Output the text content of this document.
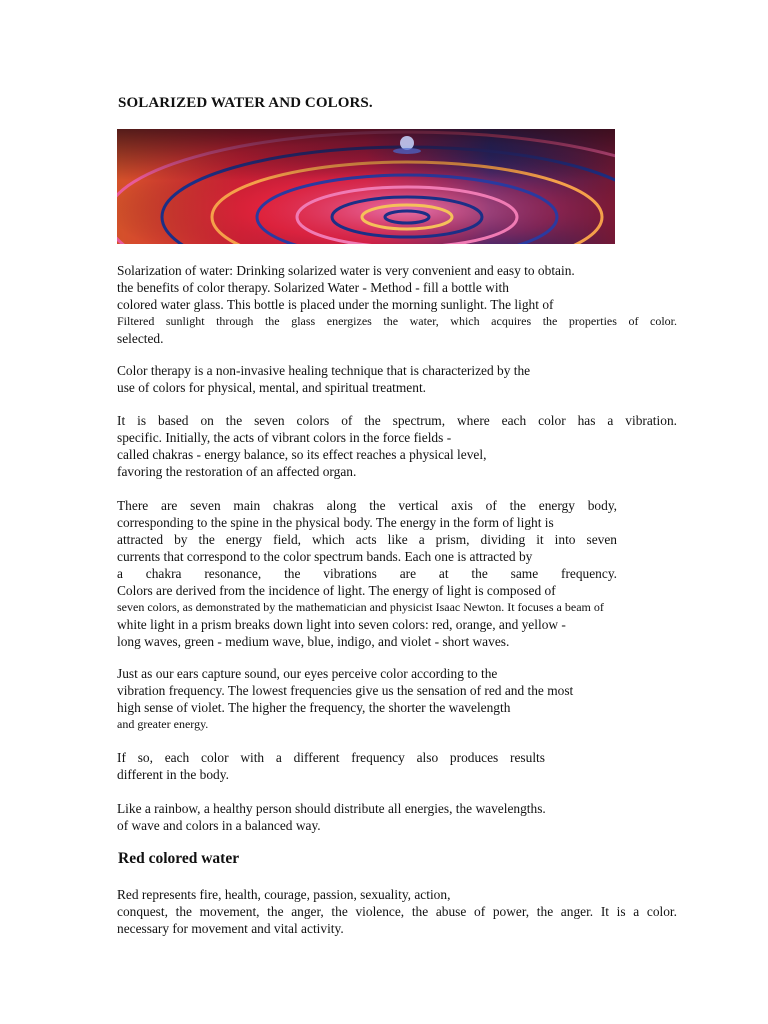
SOLARIZED WATER AND COLORS.
Solarization of water: Drinking solarized water is very convenient and easy to obtain.
the benefits of color therapy. Solarized Water - Method - fill a bottle with
colored water glass. This bottle is placed under the morning sunlight. The light of
Filtered sunlight through the glass energizes the water, which acquires the properties of color.
selected.
Color therapy is a non-invasive healing technique that is characterized by the
use of colors for physical, mental, and spiritual treatment.
It is based on the seven colors of the spectrum, where each color has a vibration.
specific. Initially, the acts of vibrant colors in the force fields -
called chakras - energy balance, so its effect reaches a physical level,
favoring the restoration of an affected organ.
There are seven main chakras along the vertical axis of the energy body,
corresponding to the spine in the physical body. The energy in the form of light is
attracted by the energy field, which acts like a prism, dividing it into seven
currents that correspond to the color spectrum bands. Each one is attracted by
a chakra resonance, the vibrations are at the same frequency.
Colors are derived from the incidence of light. The energy of light is composed of
seven colors, as demonstrated by the mathematician and physicist Isaac Newton. It focuses a beam of
white light in a prism breaks down light into seven colors: red, orange, and yellow -
long waves, green - medium wave, blue, indigo, and violet - short waves.
Just as our ears capture sound, our eyes perceive color according to the
vibration frequency. The lowest frequencies give us the sensation of red and the most
high sense of violet. The higher the frequency, the shorter the wavelength
and greater energy.
If so, each color with a different frequency also produces results
different in the body.
Like a rainbow, a healthy person should distribute all energies, the wavelengths.
of wave and colors in a balanced way.
Red colored water
Red represents fire, health, courage, passion, sexuality, action,
conquest, the movement, the anger, the violence, the abuse of power, the anger. It is a color.
necessary for movement and vital activity.
